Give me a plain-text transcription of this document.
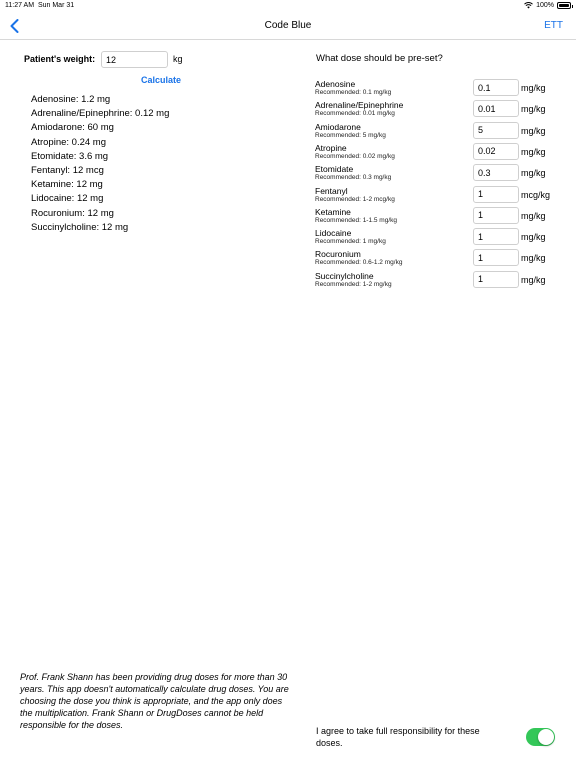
11:27 AM Sun Mar 31	100%
Code Blue	ETT
Patient's weight:
12	kg
Calculate
Adenosine: 1.2 mg
Adrenaline/Epinephrine: 0.12 mg
Amiodarone: 60 mg
Atropine: 0.24 mg
Etomidate: 3.6 mg
Fentanyl: 12 mcg
Ketamine: 12 mg
Lidocaine: 12 mg
Rocuronium: 12 mg
Succinylcholine: 12 mg
What dose should be pre-set?
Adenosine
Recommended: 0.1 mg/kg
0.1	mg/kg
Adrenaline/Epinephrine
Recommended: 0.01 mg/kg
0.01	mg/kg
Amiodarone
Recommended: 5 mg/kg
5	mg/kg
Atropine
Recommended: 0.02 mg/kg
0.02	mg/kg
Etomidate
Recommended: 0.3 mg/kg
0.3	mg/kg
Fentanyl
Recommended: 1-2 mcg/kg
1	mcg/kg
Ketamine
Recommended: 1-1.5 mg/kg
1	mg/kg
Lidocaine
Recommended: 1 mg/kg
1	mg/kg
Rocuronium
Recommended: 0.6-1.2 mg/kg
1	mg/kg
Succinylcholine
Recommended: 1-2 mg/kg
1	mg/kg
Prof. Frank Shann has been providing drug doses for more than 30 years. This app doesn't automatically calculate drug doses. You are choosing the dose you think is appropriate, and the app only does the multiplication. Frank Shann or DrugDoses cannot be held responsible for the doses.
I agree to take full responsibility for these doses.
